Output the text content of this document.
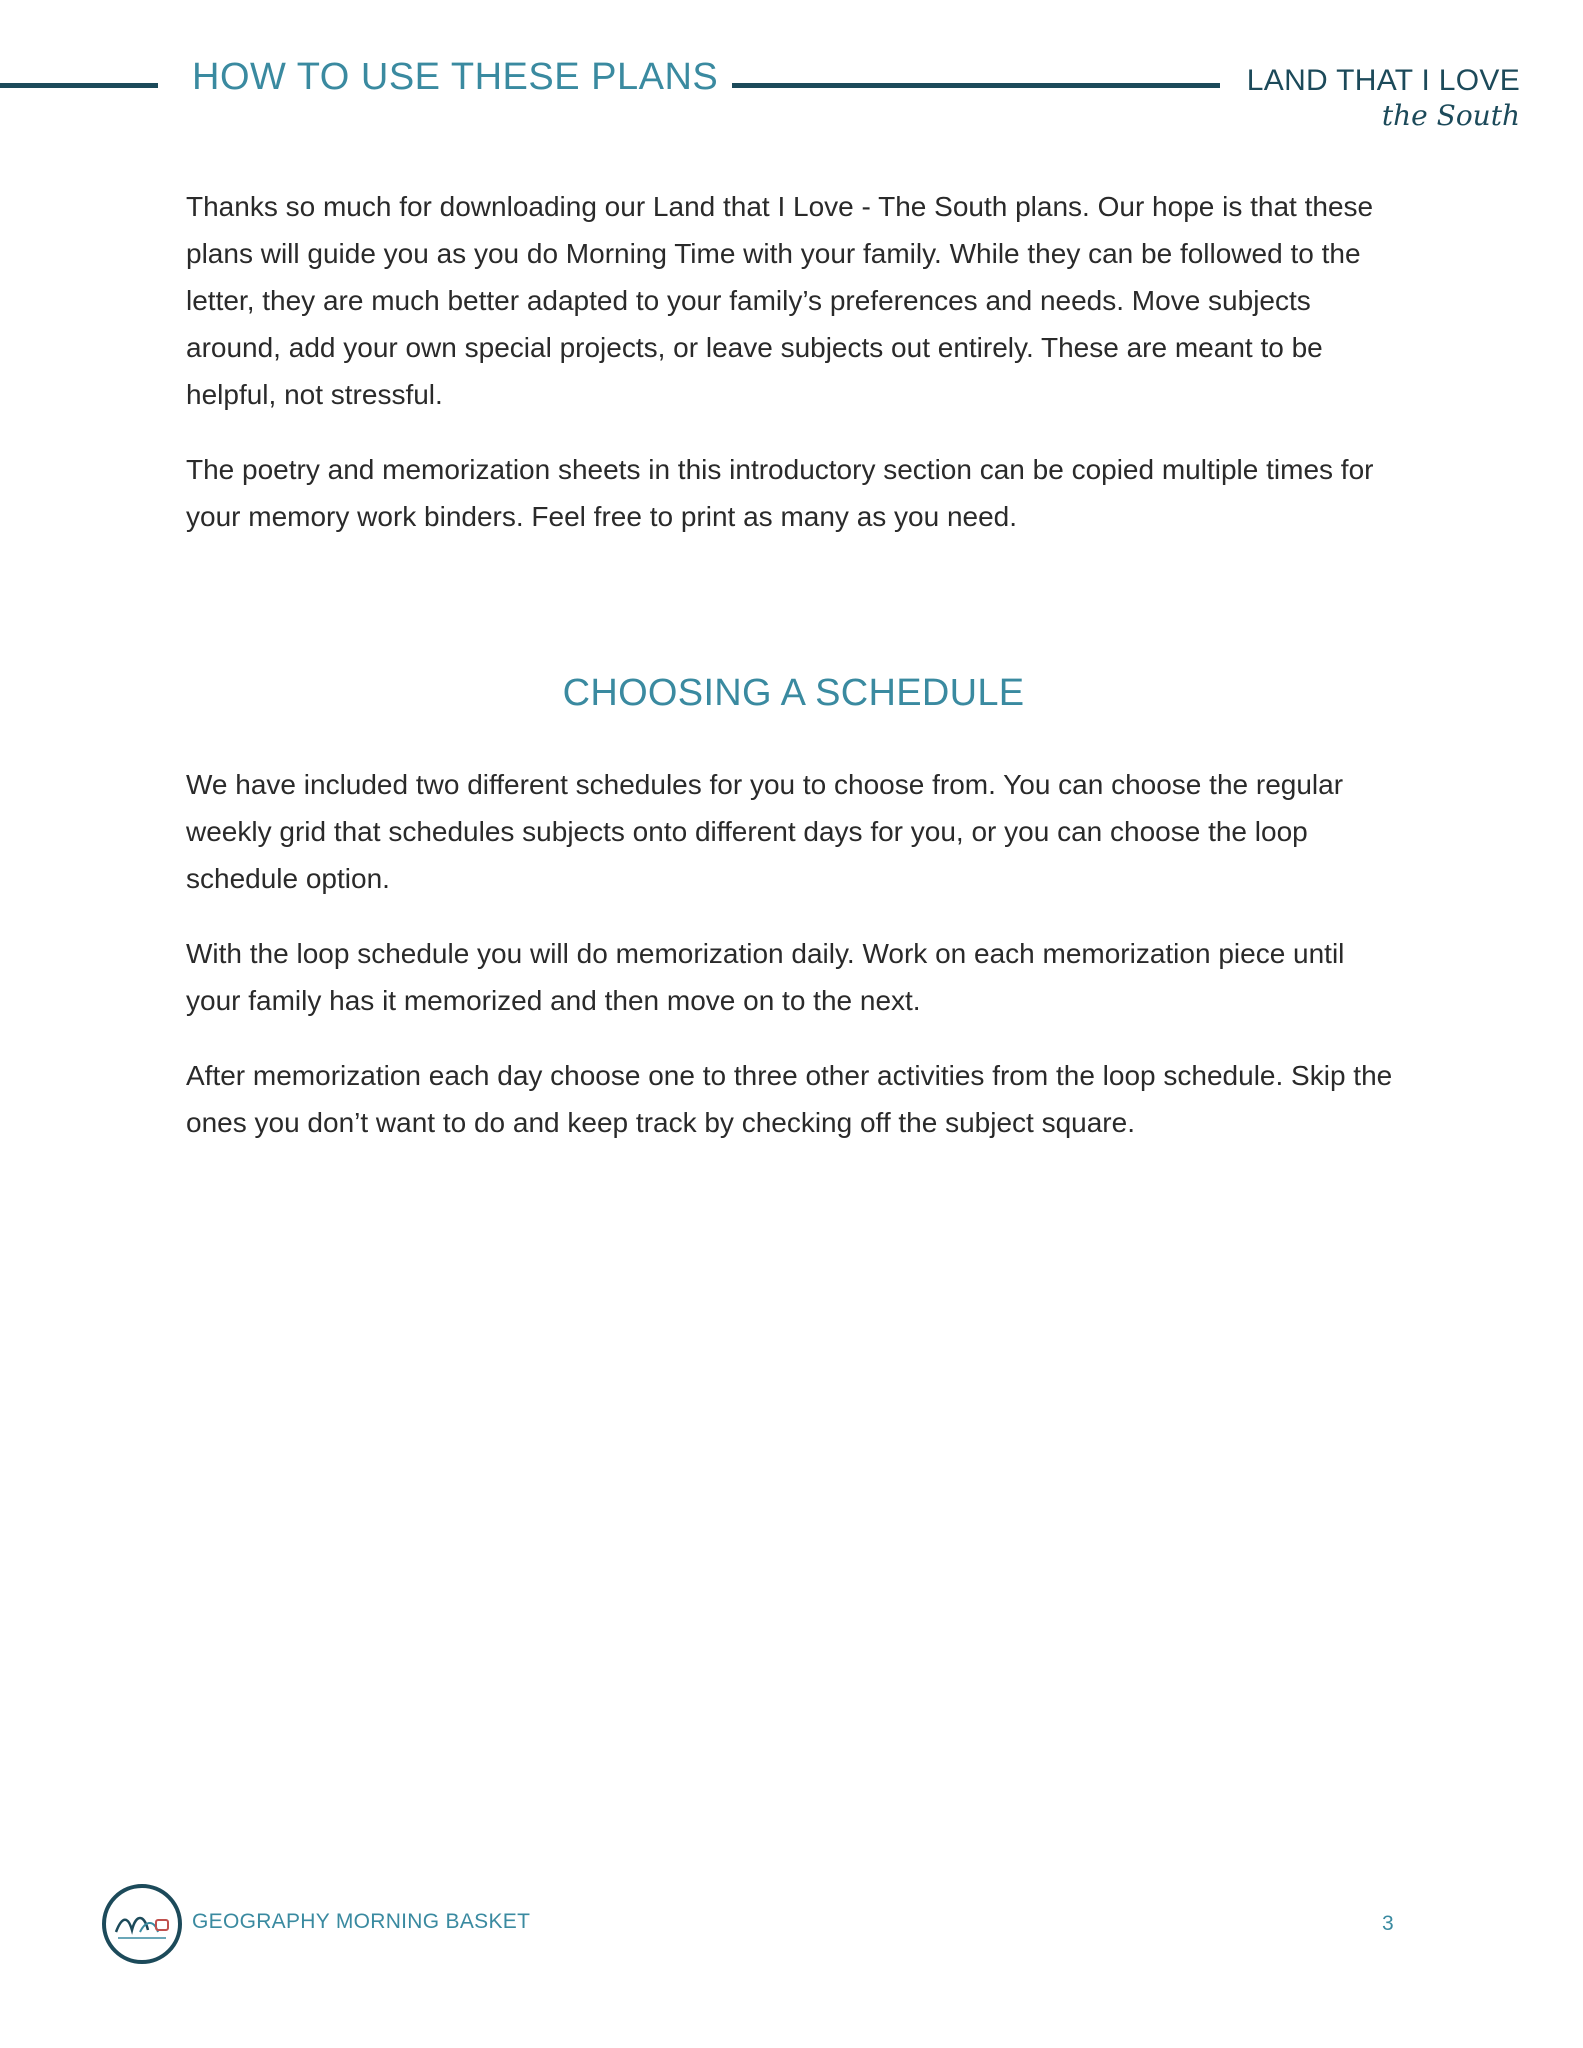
HOW TO USE THESE PLANS	LAND THAT I LOVE
the South

Thanks so much for downloading our Land that I Love - The South plans. Our hope is that these plans will guide you as you do Morning Time with your family. While they can be followed to the letter, they are much better adapted to your family’s preferences and needs. Move subjects around, add your own special projects, or leave subjects out entirely. These are meant to be helpful, not stressful.

The poetry and memorization sheets in this introductory section can be copied multiple times for your memory work binders. Feel free to print as many as you need.

CHOOSING A SCHEDULE

We have included two different schedules for you to choose from. You can choose the regular weekly grid that schedules subjects onto different days for you, or you can choose the loop schedule option.

With the loop schedule you will do memorization daily. Work on each memorization piece until your family has it memorized and then move on to the next.

After memorization each day choose one to three other activities from the loop schedule. Skip the ones you don’t want to do and keep track by checking off the subject square.

GEOGRAPHY MORNING BASKET	3
